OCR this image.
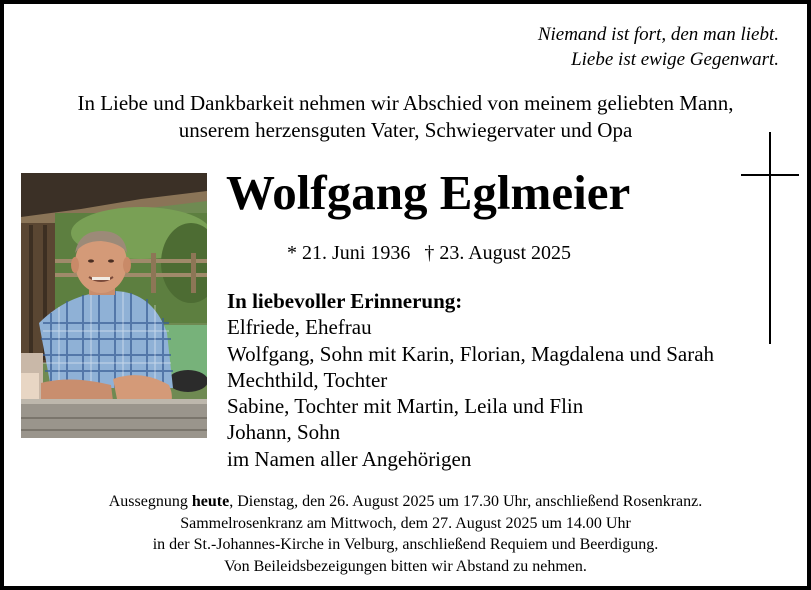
Niemand ist fort, den man liebt.
Liebe ist ewige Gegenwart.
In Liebe und Dankbarkeit nehmen wir Abschied von meinem geliebten Mann,
unserem herzensguten Vater, Schwiegervater und Opa
Wolfgang Eglmeier
* 21. Juni 1936 † 23. August 2025
In liebevoller Erinnerung:
Elfriede, Ehefrau
Wolfgang, Sohn mit Karin, Florian, Magdalena und Sarah
Mechthild, Tochter
Sabine, Tochter mit Martin, Leila und Flin
Johann, Sohn
im Namen aller Angehörigen
Aussegnung heute, Dienstag, den 26. August 2025 um 17.30 Uhr, anschließend Rosenkranz.
Sammelrosenkranz am Mittwoch, dem 27. August 2025 um 14.00 Uhr
in der St.-Johannes-Kirche in Velburg, anschließend Requiem und Beerdigung.
Von Beileidsbezeigungen bitten wir Abstand zu nehmen.
